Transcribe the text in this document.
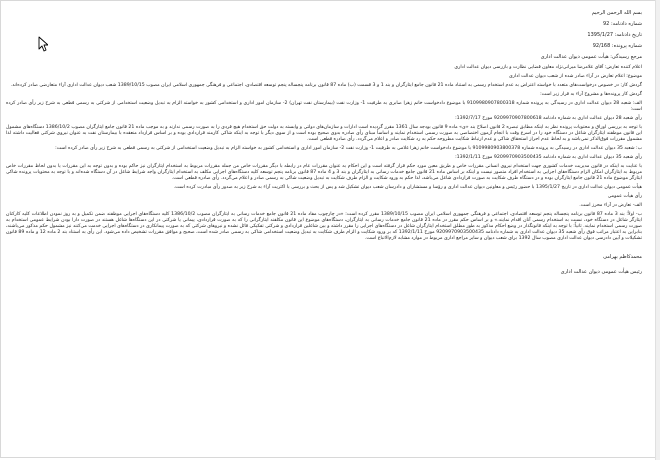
بسم الله الرحمن الرحیم

شماره دادنامه: 92

تاریخ دادنامه: 1395/1/27

شماره پرونده: 92/168

مرجع رسیدگی: هیأت عمومی دیوان عدالت اداری

اعلام کننده تعارض: آقای غلامرضا میرانی‌نژاد معاون قضایی نظارت و بازرسی دیوان عدالت اداری

موضوع: اعلام تعارض در آراء صادر شده از شعب دیوان عدالت اداری

گردش کار: در خصوص درخواست‌های متعدد با خواسته اعتراض به عدم استخدام رسمی به استناد ماده 21 قانون جامع ایثارگران و بند 1 و 3 قسمت (ب) ماده 87 قانون برنامه پنجساله پنجم توسعه اقتصادی، اجتماعی و فرهنگی جمهوری اسلامی ایران مصوب 1389/10/15 شعب دیوان عدالت اداری آراء متعارضی صادر کرده‌اند.

گردش کار پرونده‌ها و مشروح آراء به قرار زیر است:

الف: شعبه 28 دیوان عدالت اداری در رسیدگی به پرونده شماره 9109980907800318 با موضوع دادخواست خانم زهرا صابری به طرفیت 1- وزارت نفت (بیمارستان نفت تهران) 2- سازمان امور اداری و استخدامی کشور به خواسته الزام به تبدیل وضعیت استخدامی از شرکتی به رسمی قطعی به شرح زیر رأی صادر کرده است:

رأی شعبه 28 دیوان عدالت اداری به شماره دادنامه 9209970907800618 مورخ 1392/7/17:

با توجه به بررسی اوراق و محتویات پرونده نظر به اینکه مطابق تبصره 2 قانون اصلاح بند «ی» ماده 9 قانون بودجه سال 1361 مقرر گردیده است ادارات و سازمان‌های دولتی و وابسته به دولت حق استخدام هیچ فردی را به صورت رسمی ندارند و به موجب ماده 21 قانون جامع ایثارگران مصوب 1386/10/2 دستگاه‌های مشمول این قانون موظفند ایثارگران شاغل در دستگاه خود را در اسرع وقت با انجام آزمون اختصاصی به صورت رسمی استخدام نمایند و اساساً مبنای رأی صادره بدوی صحیح بوده است و از سوی دیگر با توجه به اینکه شاکی کارمند قراردادی بوده و بر اساس قرارداد منعقده با بیمارستان نفت به عنوان نیروی شرکتی فعالیت داشته لذا مشمول مقررات فوق‌الذکر نمی‌باشد و به لحاظ عدم احراز استحقاق شاکی و عدم ارتباط شکایت مطروحه حکم به رد شکایت صادر و اعلام می‌گردد. رأی صادره قطعی است.

ب: شعبه 35 دیوان عدالت اداری در رسیدگی به پرونده شماره 9109980903800378 با موضوع دادخواست خانم زهرا غلامی به طرفیت 1- وزارت نفت 2- سازمان امور اداری و استخدامی کشور به خواسته الزام به تبدیل وضعیت استخدامی از شرکتی به رسمی قطعی به شرح زیر رأی صادر کرده است:

رأی شعبه 35 دیوان عدالت اداری به شماره دادنامه 9209970903500435 مورخ 1392/1/11:

با عنایت به اینکه در قانون مدیریت خدمات کشوری جهت استخدام نیروی انسانی مقررات خاص و طریق معین مورد حکم قرار گرفته است و این احکام به عنوان مقررات عام در رابطه با دیگر مقررات خاص من جمله مقررات مربوط به استخدام ایثارگران نیز حاکم بوده و بدون توجه به این مقررات یا بدون لحاظ مقررات خاص مربوط به ایثارگران امکان الزام دستگاه‌های اجرایی به استخدام افراد متصور نیست و اینکه بر اساس ماده 21 قانون جامع خدمات رسانی به ایثارگران و بند 3 و 4 ماده 87 قانون برنامه پنجم توسعه کلیه دستگاه‌های اجرایی مکلف به استخدام ایثارگران واجد شرایط شاغل در آن دستگاه شده‌اند و با توجه به محتویات پرونده شاکی ایثارگر موضوع ماده 21 قانون جامع ایثارگران بوده و در دستگاه طرف شکایت به صورت قراردادی شاغل می‌باشد، لذا حکم به ورود شکایت و الزام طرف شکایت به تبدیل وضعیت شاکی به رسمی صادر و اعلام می‌گردد. رأی صادره قطعی است.

هیأت عمومی دیوان عدالت اداری در تاریخ 1395/1/27 با حضور رئیس و معاونین دیوان عدالت اداری و رؤسا و مستشاران و دادرسان شعب دیوان تشکیل شد و پس از بحث و بررسی با اکثریت آراء به شرح زیر به صدور رأی مبادرت کرده است.

رأی هیأت عمومی

الف- تعارض در آراء محرز است.

ب- اولاً: بند 3 ماده 87 قانون برنامه پنجساله پنجم توسعه اقتصادی، اجتماعی و فرهنگی جمهوری اسلامی ایران مصوب 1389/10/15 مقرر کرده است: «در چارچوب مفاد ماده 21 قانون جامع خدمات رسانی به ایثارگران مصوب 1386/10/2 کلیه دستگاه‌های اجرایی موظفند ضمن تکمیل و به روز نمودن اطلاعات کلیه کارکنان ایثارگر شاغل در دستگاه خود، نسبت به استخدام رسمی آنان اقدام نمایند.» و بر اساس حکم مقرر در ماده 21 قانون جامع خدمات رسانی به ایثارگران، دستگاه‌های موضوع این قانون مکلفند ایثارگرانی را که به صورت قراردادی، پیمانی یا شرکتی در این دستگاه‌ها شاغل هستند در صورت دارا بودن شرایط عمومی استخدام به صورت رسمی استخدام نمایند. ثانیاً: با توجه به اینکه قانونگذار در وضع احکام مذکور به طور مطلق استخدام ایثارگران شاغل در دستگاه‌های اجرایی را مقرر داشته و بین شاغلین قراردادی و شرکتی تفکیکی قائل نشده و نیروهای شرکتی که به صورت پیمانکاری در دستگاه‌های اجرایی خدمت می‌کنند نیز مشمول حکم مذکور می‌باشند، بنابراین به اعتبار مراتب فوق رأی شعبه 35 دیوان عدالت اداری به شماره دادنامه 9209970903500435 مورخ 1392/1/11 که بر ورود شکایت و الزام طرف شکایت به تبدیل وضعیت استخدامی شاکی به رسمی صادر شده است، صحیح و موافق مقررات تشخیص داده می‌شود. این رأی به استناد بند 2 ماده 12 و ماده 89 قانون تشکیلات و آیین دادرسی دیوان عدالت اداری مصوب سال 1392 برای شعب دیوان و سایر مراجع اداری مربوط در موارد مشابه لازم‌الاتباع است.

محمدکاظم بهرامی

رئیس هیأت عمومی دیوان عدالت اداری
